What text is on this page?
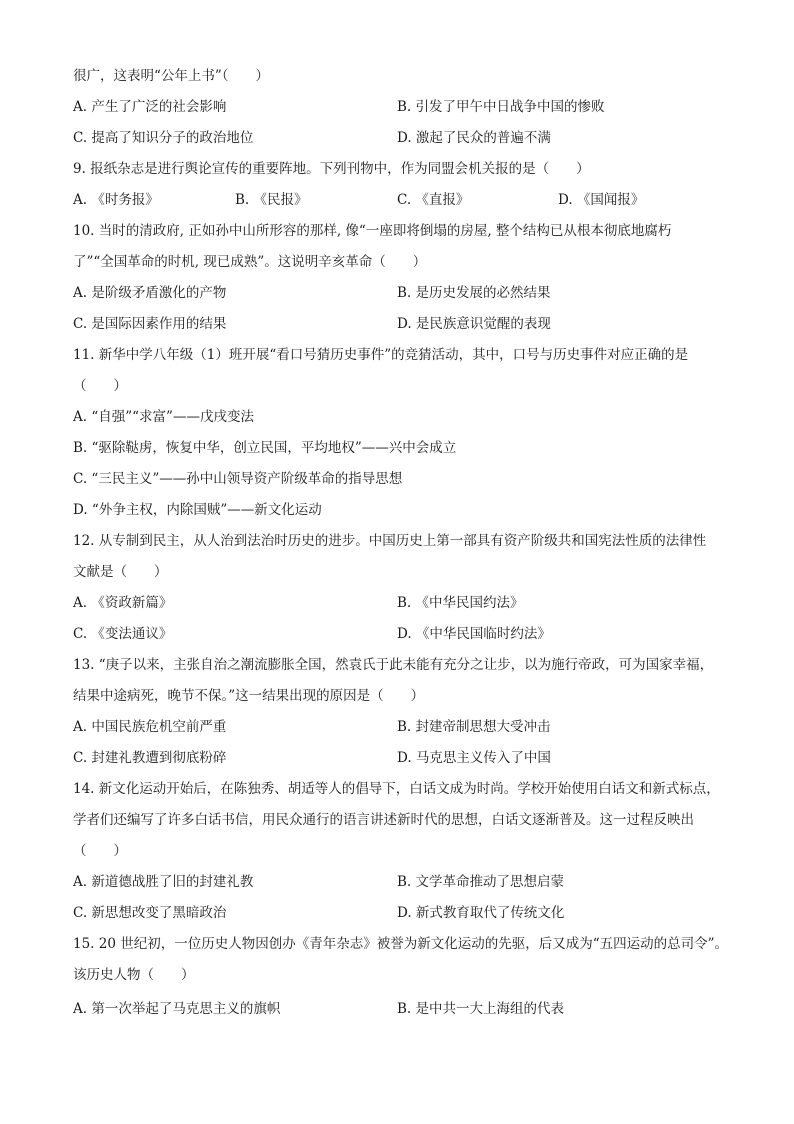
很广，这表明“公年上书”（　　）
A. 产生了广泛的社会影响	B. 引发了甲午中日战争中国的惨败
C. 提高了知识分子的政治地位	D. 激起了民众的普遍不满
9. 报纸杂志是进行舆论宣传的重要阵地。下列刊物中，作为同盟会机关报的是（　　）
A. 《时务报》	B. 《民报》	C. 《直报》	D. 《国闻报》
10. 当时的清政府, 正如孙中山所形容的那样, 像“一座即将倒塌的房屋, 整个结构已从根本彻底地腐朽
了”“全国革命的时机, 现已成熟”。这说明辛亥革命（　　）
A. 是阶级矛盾激化的产物	B. 是历史发展的必然结果
C. 是国际因素作用的结果	D. 是民族意识觉醒的表现
11. 新华中学八年级（1）班开展“看口号猜历史事件”的竞猜活动，其中，口号与历史事件对应正确的是
（　　）
A. “自强”“求富”——戊戌变法
B. “驱除鞑虏，恢复中华，创立民国，平均地权”——兴中会成立
C. “三民主义”——孙中山领导资产阶级革命的指导思想
D. “外争主权，内除国贼”——新文化运动
12. 从专制到民主，从人治到法治时历史的进步。中国历史上第一部具有资产阶级共和国宪法性质的法律性
文献是（　　）
A. 《资政新篇》	B. 《中华民国约法》
C. 《变法通议》	D. 《中华民国临时约法》
13. “庚子以来，主张自治之潮流膨胀全国，然袁氏于此未能有充分之让步，以为施行帝政，可为国家幸福，
结果中途病死，晚节不保。”这一结果出现的原因是（　　）
A. 中国民族危机空前严重	B. 封建帝制思想大受冲击
C. 封建礼教遭到彻底粉碎	D. 马克思主义传入了中国
14. 新文化运动开始后，在陈独秀、胡适等人的倡导下，白话文成为时尚。学校开始使用白话文和新式标点，
学者们还编写了许多白话书信，用民众通行的语言讲述新时代的思想，白话文逐渐普及。这一过程反映出
（　　）
A. 新道德战胜了旧的封建礼教	B. 文学革命推动了思想启蒙
C. 新思想改变了黑暗政治	D. 新式教育取代了传统文化
15. 20 世纪初，一位历史人物因创办《青年杂志》被誉为新文化运动的先驱，后又成为“五四运动的总司令”。
该历史人物（　　）
A. 第一次举起了马克思主义的旗帜	B. 是中共一大上海组的代表
